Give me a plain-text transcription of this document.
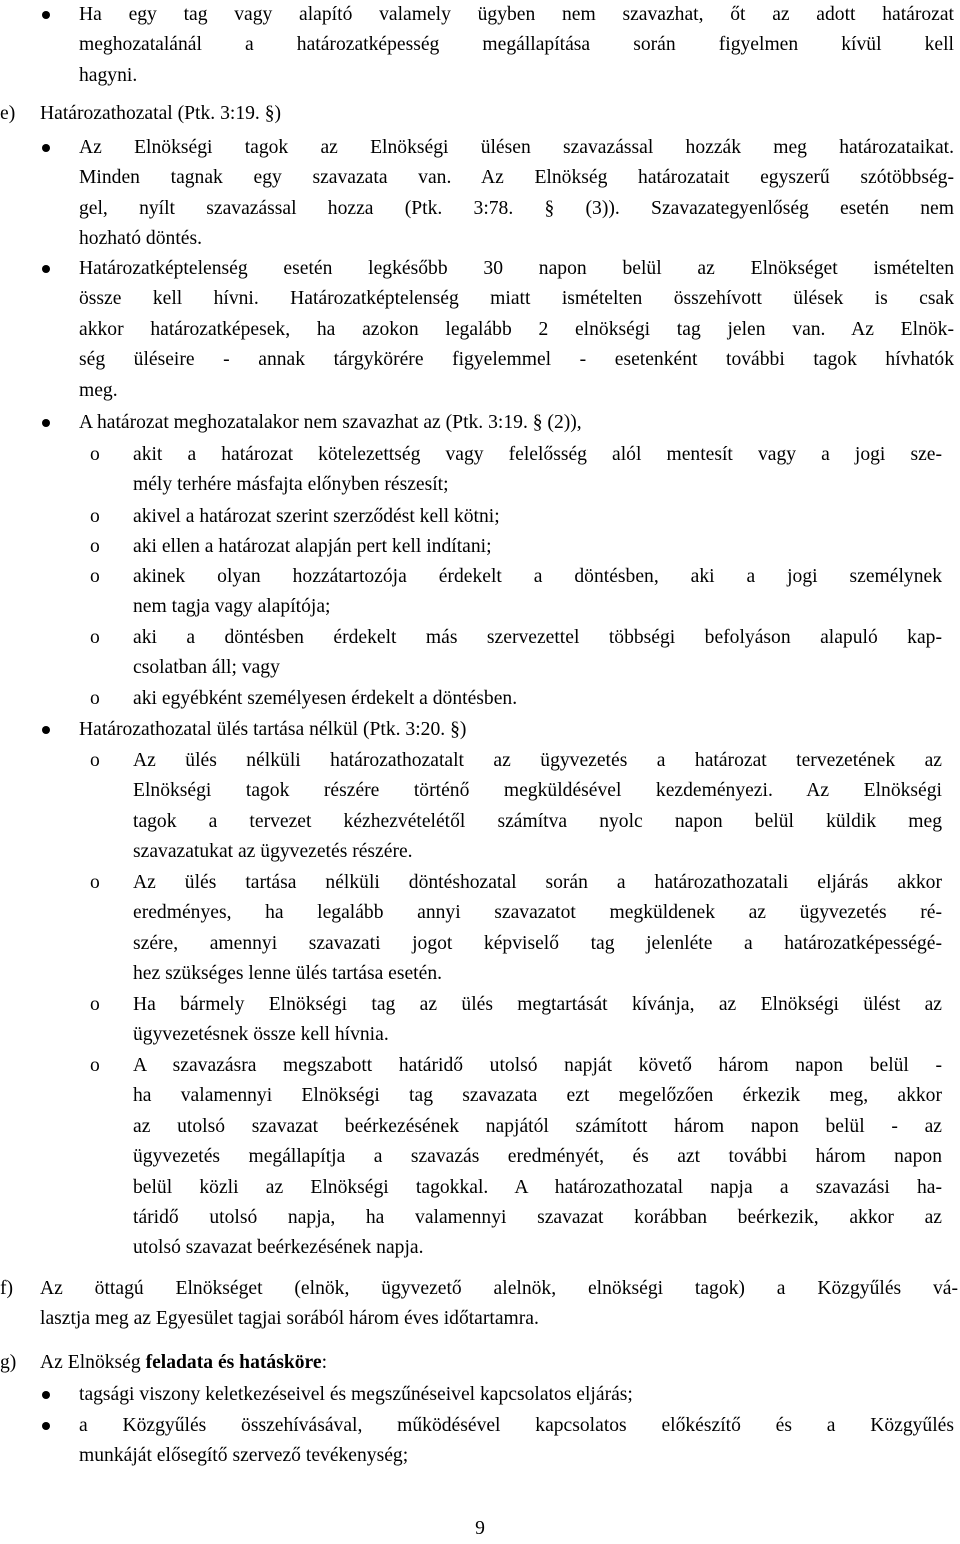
Ha egy tag vagy alapító valamely ügyben nem szavazhat, őt az adott határozat
meghozatalánál a határozatképesség megállapítása során figyelmen kívül kell
hagyni.
e) Határozathozatal (Ptk. 3:19. §)
Az Elnökségi tagok az Elnökségi ülésen szavazással hozzák meg határozataikat.
Minden tagnak egy szavazata van. Az Elnökség határozatait egyszerű szótöbbség-
gel, nyílt szavazással hozza (Ptk. 3:78. § (3)). Szavazategyenlőség esetén nem
hozható döntés.
Határozatképtelenség esetén legkésőbb 30 napon belül az Elnökséget ismételten
össze kell hívni. Határozatképtelenség miatt ismételten összehívott ülések is csak
akkor határozatképesek, ha azokon legalább 2 elnökségi tag jelen van. Az Elnök-
ség üléseire - annak tárgykörére figyelemmel - esetenként további tagok hívhatók
meg.
A határozat meghozatalakor nem szavazhat az (Ptk. 3:19. § (2)),
o akit a határozat kötelezettség vagy felelősség alól mentesít vagy a jogi sze-
mély terhére másfajta előnyben részesít;
o akivel a határozat szerint szerződést kell kötni;
o aki ellen a határozat alapján pert kell indítani;
o akinek olyan hozzátartozója érdekelt a döntésben, aki a jogi személynek
nem tagja vagy alapítója;
o aki a döntésben érdekelt más szervezettel többségi befolyáson alapuló kap-
csolatban áll; vagy
o aki egyébként személyesen érdekelt a döntésben.
Határozathozatal ülés tartása nélkül (Ptk. 3:20. §)
o Az ülés nélküli határozathozatalt az ügyvezetés a határozat tervezetének az
Elnökségi tagok részére történő megküldésével kezdeményezi. Az Elnökségi
tagok a tervezet kézhezvételétől számítva nyolc napon belül küldik meg
szavazatukat az ügyvezetés részére.
o Az ülés tartása nélküli döntéshozatal során a határozathozatali eljárás akkor
eredményes, ha legalább annyi szavazatot megküldenek az ügyvezetés ré-
szére, amennyi szavazati jogot képviselő tag jelenléte a határozatképességé-
hez szükséges lenne ülés tartása esetén.
o Ha bármely Elnökségi tag az ülés megtartását kívánja, az Elnökségi ülést az
ügyvezetésnek össze kell hívnia.
o A szavazásra megszabott határidő utolsó napját követő három napon belül -
ha valamennyi Elnökségi tag szavazata ezt megelőzően érkezik meg, akkor
az utolsó szavazat beérkezésének napjától számított három napon belül - az
ügyvezetés megállapítja a szavazás eredményét, és azt további három napon
belül közli az Elnökségi tagokkal. A határozathozatal napja a szavazási ha-
táridő utolsó napja, ha valamennyi szavazat korábban beérkezik, akkor az
utolsó szavazat beérkezésének napja.
f) Az öttagú Elnökséget (elnök, ügyvezető alelnök, elnökségi tagok) a Közgyűlés vá-
lasztja meg az Egyesület tagjai sorából három éves időtartamra.
g) Az Elnökség feladata és hatásköre:
tagsági viszony keletkezéseivel és megszűnéseivel kapcsolatos eljárás;
a Közgyűlés összehívásával, működésével kapcsolatos előkészítő és a Közgyűlés
munkáját elősegítő szervező tevékenység;
9
